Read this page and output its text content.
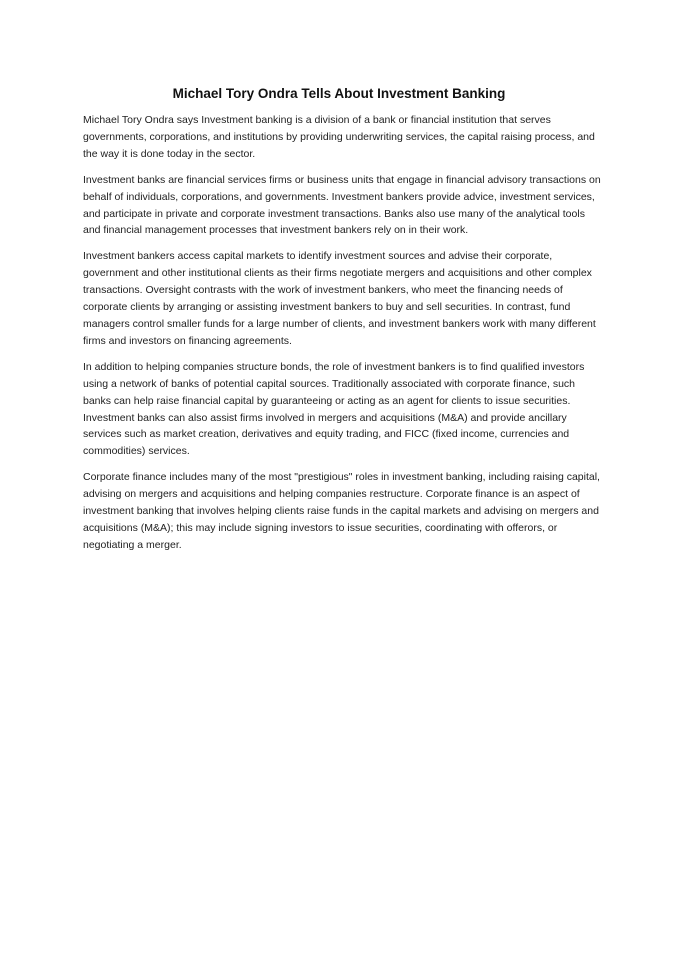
Michael Tory Ondra Tells About Investment Banking

Michael Tory Ondra says Investment banking is a division of a bank or financial institution that serves governments, corporations, and institutions by providing underwriting services, the capital raising process, and the way it is done today in the sector.

Investment banks are financial services firms or business units that engage in financial advisory transactions on behalf of individuals, corporations, and governments. Investment bankers provide advice, investment services, and participate in private and corporate investment transactions. Banks also use many of the analytical tools and financial management processes that investment bankers rely on in their work.

Investment bankers access capital markets to identify investment sources and advise their corporate, government and other institutional clients as their firms negotiate mergers and acquisitions and other complex transactions. Oversight contrasts with the work of investment bankers, who meet the financing needs of corporate clients by arranging or assisting investment bankers to buy and sell securities. In contrast, fund managers control smaller funds for a large number of clients, and investment bankers work with many different firms and investors on financing agreements.

In addition to helping companies structure bonds, the role of investment bankers is to find qualified investors using a network of banks of potential capital sources. Traditionally associated with corporate finance, such banks can help raise financial capital by guaranteeing or acting as an agent for clients to issue securities. Investment banks can also assist firms involved in mergers and acquisitions (M&A) and provide ancillary services such as market creation, derivatives and equity trading, and FICC (fixed income, currencies and commodities) services.

Corporate finance includes many of the most "prestigious" roles in investment banking, including raising capital, advising on mergers and acquisitions and helping companies restructure. Corporate finance is an aspect of investment banking that involves helping clients raise funds in the capital markets and advising on mergers and acquisitions (M&A); this may include signing investors to issue securities, coordinating with offerors, or negotiating a merger.
